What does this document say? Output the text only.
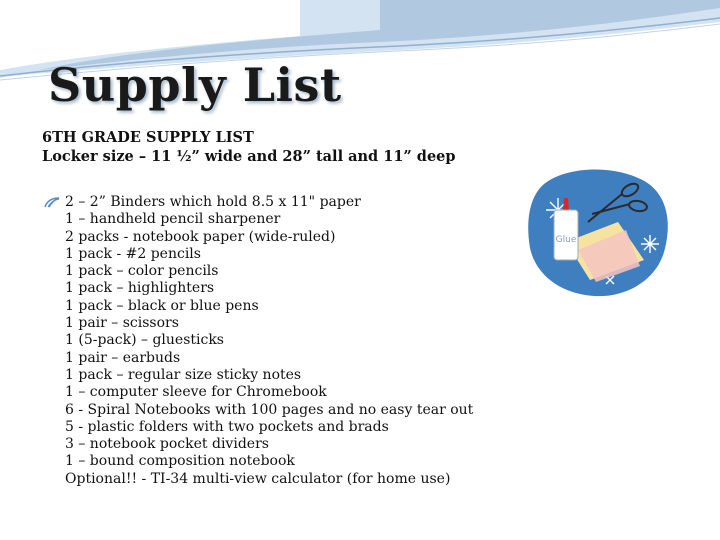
Supply List
6TH GRADE SUPPLY LIST
Locker size – 11 ½” wide and 28” tall and 11” deep
2 – 2” Binders which hold 8.5 x 11" paper
1 – handheld pencil sharpener
2 packs - notebook paper (wide-ruled)
1 pack - #2 pencils
1 pack – color pencils
1 pack – highlighters
1 pack – black or blue pens
1 pair – scissors
1 (5-pack) – gluesticks
1 pair – earbuds
1 pack – regular size sticky notes
1 – computer sleeve for Chromebook
6 - Spiral Notebooks with 100 pages and no easy tear out
5 - plastic folders with two pockets and brads
3 – notebook pocket dividers
1 – bound composition notebook
Optional!! - TI-34 multi-view calculator (for home use)
Glue
